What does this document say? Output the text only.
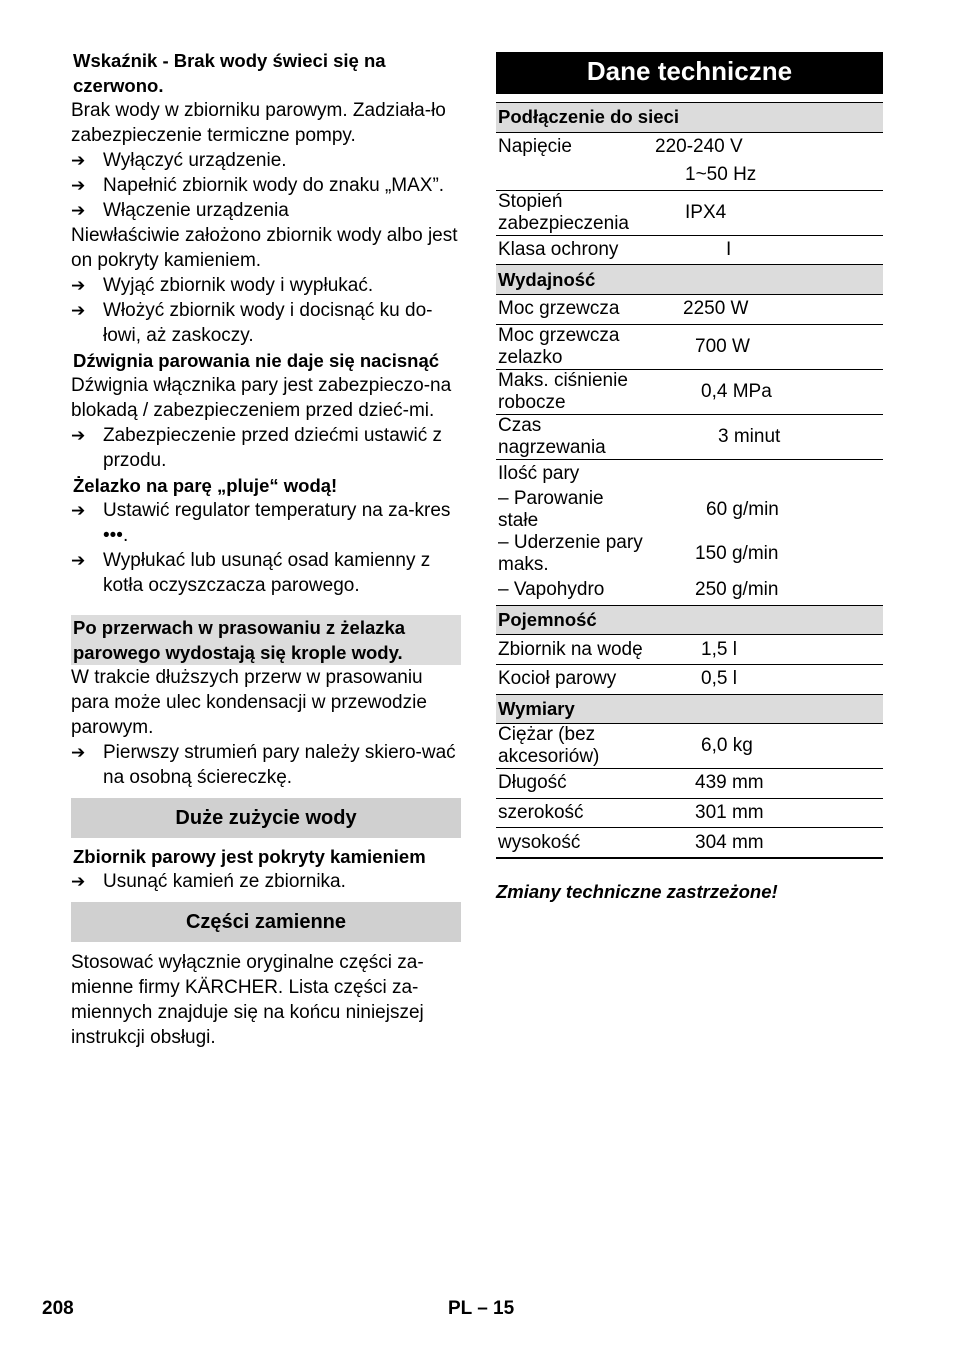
Wskaźnik - Brak wody świeci się na czerwono.

Brak wody w zbiorniku parowym. Zadziała-ło zabezpieczenie termiczne pompy.

➔ Wyłączyć urządzenie.
➔ Napełnić zbiornik wody do znaku „MAX”.
➔ Włączenie urządzenia

Niewłaściwie założono zbiornik wody albo jest on pokryty kamieniem.

➔ Wyjąć zbiornik wody i wypłukać.
➔ Włożyć zbiornik wody i docisnąć ku do-łowi, aż zaskoczy.

Dźwignia parowania nie daje się nacisnąć

Dźwignia włącznika pary jest zabezpieczo-na blokadą / zabezpieczeniem przed dzieć-mi.

➔ Zabezpieczenie przed dziećmi ustawić z przodu.

Żelazko na parę „pluje“ wodą!

➔ Ustawić regulator temperatury na za-kres •••.
➔ Wypłukać lub usunąć osad kamienny z kotła oczyszczacza parowego.
Po przerwach w prasowaniu z żelazka parowego wydostają się krople wody.

W trakcie dłuższych przerw w prasowaniu para może ulec kondensacji w przewodzie parowym.

➔ Pierwszy strumień pary należy skiero-wać na osobną ściereczkę.
Duże zużycie wody

Zbiornik parowy jest pokryty kamieniem

➔ Usunąć kamień ze zbiornika.
Części zamienne

Stosować wyłącznie oryginalne części za-mienne firmy KÄRCHER. Lista części za-miennych znajduje się na końcu niniejszej instrukcji obsługi.

Dane techniczne
Podłączenie do sieci	
Napięcie	220-240 V
	1~50 Hz
Stopień zabezpieczenia	IPX4
Klasa ochrony	I
Wydajność	
Moc grzewcza	2250 W
Moc grzewcza zelazko	700 W
Maks. ciśnienie robocze	0,4 MPa
Czas nagrzewania	3 minut
Ilość pary	
– Parowanie stałe	60 g/min
– Uderzenie pary maks.	150 g/min
– Vapohydro	250 g/min
Pojemność	
Zbiornik na wodę	1,5 l
Kocioł parowy	0,5 l
Wymiary	
Ciężar (bez akcesoriów)	6,0 kg
Długość	439 mm
szerokość	301 mm
wysokość	304 mm
Zmiany techniczne zastrzeżone!
208	PL – 15
